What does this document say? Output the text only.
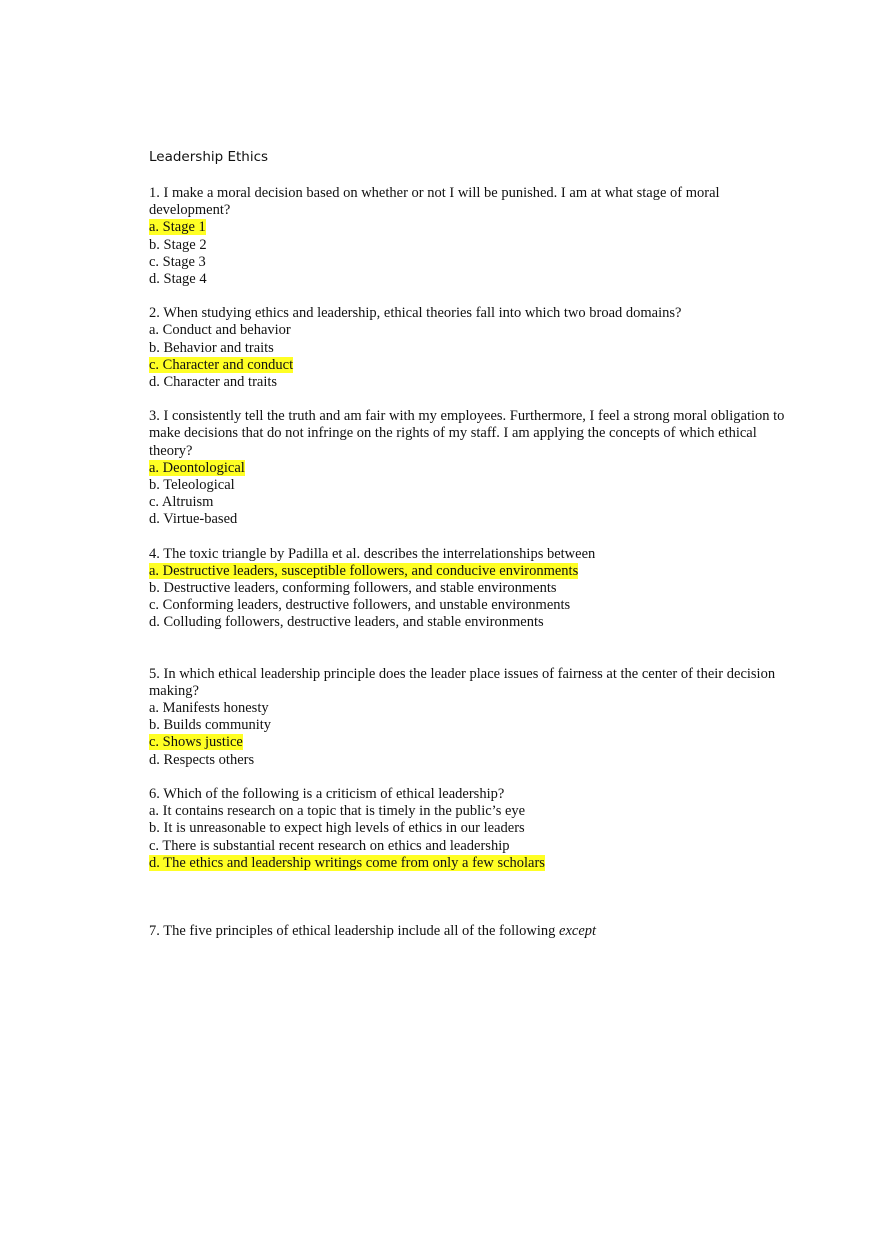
Leadership Ethics
1. I make a moral decision based on whether or not I will be punished. I am at what stage of moral development?
a. Stage 1
b. Stage 2
c. Stage 3
d. Stage 4
2. When studying ethics and leadership, ethical theories fall into which two broad domains?
a. Conduct and behavior
b. Behavior and traits
c. Character and conduct
d. Character and traits
3. I consistently tell the truth and am fair with my employees. Furthermore, I feel a strong moral obligation to make decisions that do not infringe on the rights of my staff. I am applying the concepts of which ethical theory?
a. Deontological
b. Teleological
c. Altruism
d. Virtue-based
4. The toxic triangle by Padilla et al. describes the interrelationships between
a. Destructive leaders, susceptible followers, and conducive environments
b. Destructive leaders, conforming followers, and stable environments
c. Conforming leaders, destructive followers, and unstable environments
d. Colluding followers, destructive leaders, and stable environments
5. In which ethical leadership principle does the leader place issues of fairness at the center of their decision making?
a. Manifests honesty
b. Builds community
c. Shows justice
d. Respects others
6. Which of the following is a criticism of ethical leadership?
a. It contains research on a topic that is timely in the public’s eye
b. It is unreasonable to expect high levels of ethics in our leaders
c. There is substantial recent research on ethics and leadership
d. The ethics and leadership writings come from only a few scholars
7. The five principles of ethical leadership include all of the following except
